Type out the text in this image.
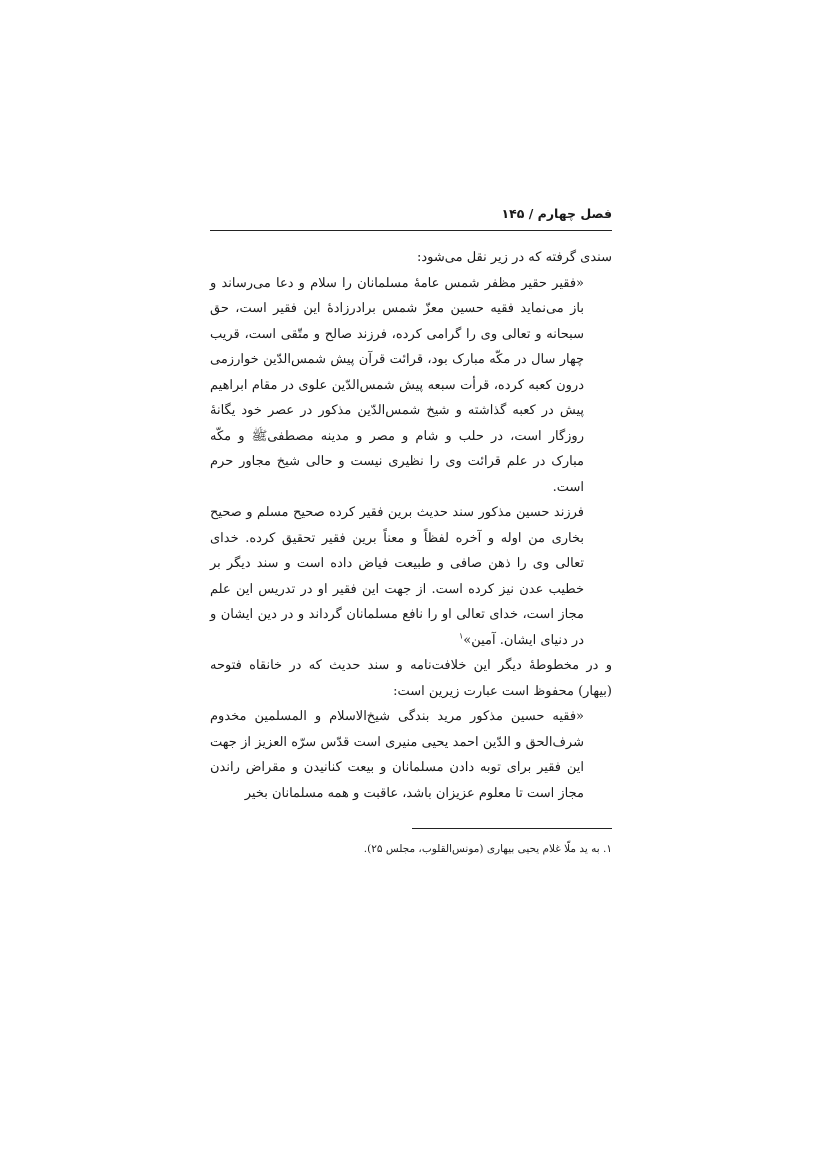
فصل چهارم / ۱۴۵

سندی گرفته که در زیر نقل می‌شود:

«فقیر حقیر مظفر شمس عامهٔ مسلمانان را سلام و دعا می‌رساند و باز می‌نماید فقیه حسین معزّ شمس برادرزادهٔ این فقیر است، حق سبحانه و تعالی وی را گرامی کرده، فرزند صالح و متّقی است، قریب چهار سال در مکّه مبارک بود، قرائت قرآن پیش شمس‌الدّین خوارزمی درون کعبه کرده، قرأت سبعه پیش شمس‌الدّین علوی در مقام ابراهیم پیش در کعبه گذاشته و شیخ شمس‌الدّین مذکور در عصر خود یگانهٔ روزگار است، در حلب و شام و مصر و مدینه مصطفیﷺ و مکّه مبارک در علم قرائت وی را نظیری نیست و حالی شیخ مجاور حرم است.

فرزند حسین مذکور سند حدیث برین فقیر کرده صحیح مسلم و صحیح بخاری من اوله و آخره لفظاً و معناً برین فقیر تحقیق کرده. خدای تعالی وی را ذهن صافی و طبیعت فیاض داده است و سند دیگر بر خطیب عدن نیز کرده است. از جهت این فقیر او در تدریس این علم مجاز است، خدای تعالی او را نافع مسلمانان گرداند و در دین ایشان و در دنیای ایشان. آمین»$^۱$

و در مخطوطهٔ دیگر این خلافت‌نامه و سند حدیث که در خانقاه فتوحه (بیهار) محفوظ است عبارت زیرین است:

«فقیه حسین مذکور مرید بندگی شیخ‌الاسلام و المسلمین مخدوم شرف‌الحق و الدّین احمد یحیی منیری است قدّس سرّه العزیز از جهت این فقیر برای توبه دادن مسلمانان و بیعت کنانیدن و مقراض راندن مجاز است تا معلوم عزیزان باشد، عاقبت و همه مسلمانان بخیر

۱. به ید ملّا غلام یحیی بیهاری (مونس‌القلوب، مجلس ۲۵).
